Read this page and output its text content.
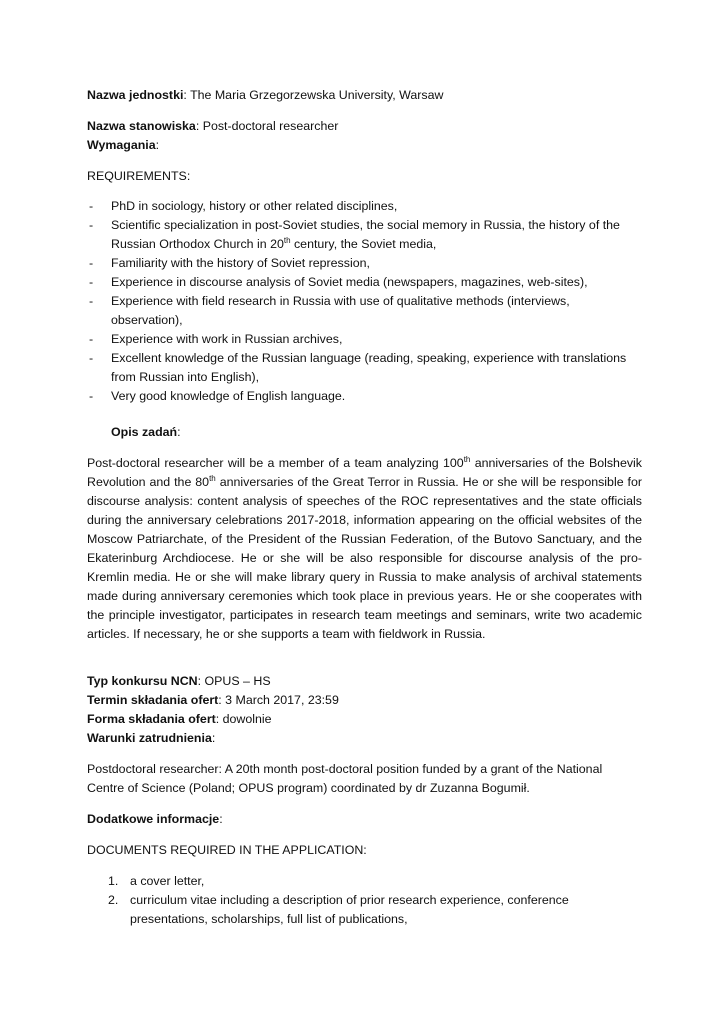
Nazwa jednostki: The Maria Grzegorzewska University, Warsaw

Nazwa stanowiska: Post-doctoral researcher

Wymagania:

REQUIREMENTS:

- PhD in sociology, history or other related disciplines,
- Scientific specialization in post-Soviet studies, the social memory in Russia, the history of the Russian Orthodox Church in 20th century, the Soviet media,
- Familiarity with the history of Soviet repression,
- Experience in discourse analysis of Soviet media (newspapers, magazines, web-sites),
- Experience with field research in Russia with use of qualitative methods (interviews, observation),
- Experience with work in Russian archives,
- Excellent knowledge of the Russian language (reading, speaking, experience with translations from Russian into English),
- Very good knowledge of English language.

Opis zadań:

Post-doctoral researcher will be a member of a team analyzing 100th anniversaries of the Bolshevik Revolution and the 80th anniversaries of the Great Terror in Russia. He or she will be responsible for discourse analysis: content analysis of speeches of the ROC representatives and the state officials during the anniversary celebrations 2017-2018, information appearing on the official websites of the Moscow Patriarchate, of the President of the Russian Federation, of the Butovo Sanctuary, and the Ekaterinburg Archdiocese. He or she will be also responsible for discourse analysis of the pro-Kremlin media. He or she will make library query in Russia to make analysis of archival statements made during anniversary ceremonies which took place in previous years. He or she cooperates with the principle investigator, participates in research team meetings and seminars, write two academic articles. If necessary, he or she supports a team with fieldwork in Russia.

Typ konkursu NCN: OPUS – HS

Termin składania ofert: 3 March 2017, 23:59

Forma składania ofert: dowolnie

Warunki zatrudnienia:

Postdoctoral researcher: A 20th month post-doctoral position funded by a grant of the National Centre of Science (Poland; OPUS program) coordinated by dr Zuzanna Bogumił.

Dodatkowe informacje:

DOCUMENTS REQUIRED IN THE APPLICATION:

1. a cover letter,
2. curriculum vitae including a description of prior research experience, conference presentations, scholarships, full list of publications,
